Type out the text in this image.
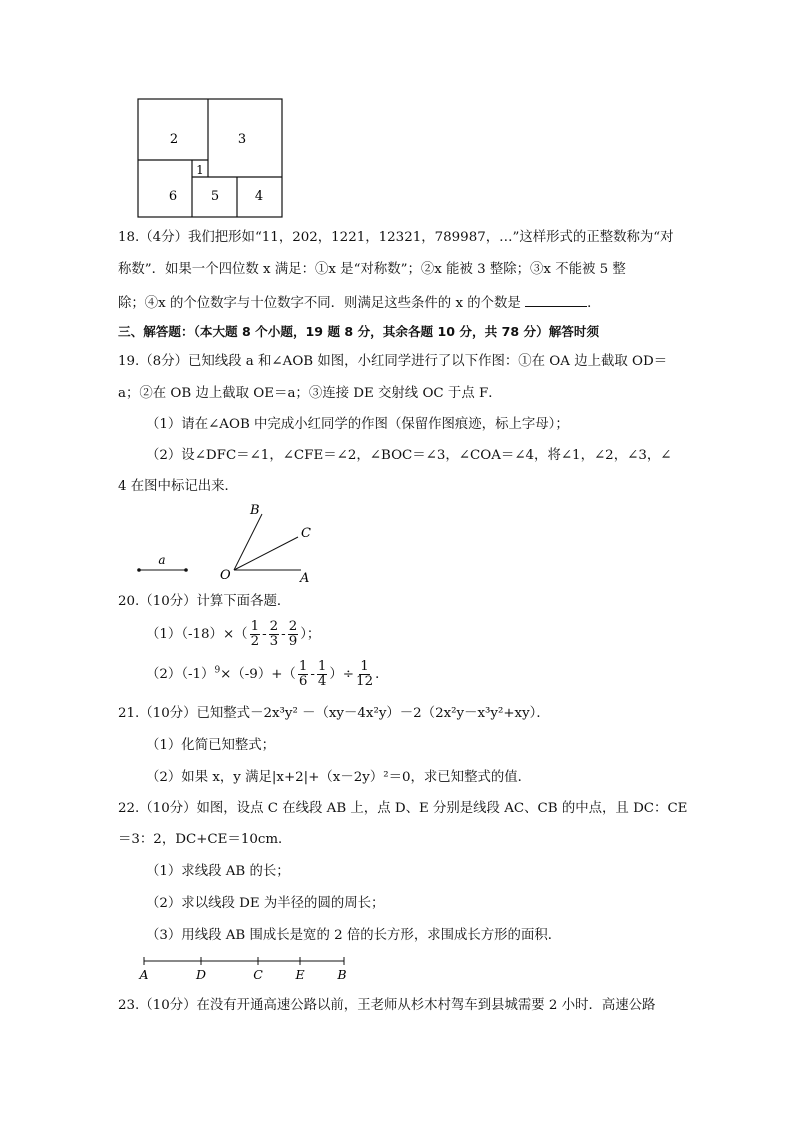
2	3
1
6	5	4
18.（4分）我们把形如“11，202，1221，12321，789987，…”这样形式的正整数称为“对
称数”．如果一个四位数 x 满足：①x 是“对称数”；②x 能被 3 整除；③x 不能被 5 整
除；④x 的个位数字与十位数字不同．则满足这些条件的 x 的个数是	．
三、解答题：（本大题 8 个小题，19 题 8 分，其余各题 10 分，共 78 分）解答时须
19.（8分）已知线段 a 和∠AOB 如图，小红同学进行了以下作图：①在 OA 边上截取 OD＝
a；②在 OB 边上截取 OE＝a；③连接 DE 交射线 OC 于点 F．
（1）请在∠AOB 中完成小红同学的作图（保留作图痕迹，标上字母）；
（2）设∠DFC＝∠1，∠CFE＝∠2，∠BOC＝∠3，∠COA＝∠4，将∠1，∠2，∠3，∠
4 在图中标记出来．
a
B
C
O	A
20.（10分）计算下面各题．
$(1)(-18)\times( \frac{1}{2} - \frac{2}{3} - \frac{2}{9}$ ）；
$(2)(-1)^9\times(-9)+( \frac{1}{6} - \frac{1}{4}$ ）÷ $\frac{1}{12}$ ．
21.（10分）已知整式－2x³y² －（xy－4x²y）－2（2x²y－x³y²+xy）．
（1）化简已知整式；
（2）如果 x，y 满足|x+2|+（x－2y）²＝0，求已知整式的值．
22.（10分）如图，设点 C 在线段 AB 上，点 D、E 分别是线段 AC、CB 的中点，且 DC：CE
＝3：2，DC+CE＝10cm．
（1）求线段 AB 的长；
（2）求以线段 DE 为半径的圆的周长；
（3）用线段 AB 围成长是宽的 2 倍的长方形，求围成长方形的面积．
A	D	C	E	B
23.（10分）在没有开通高速公路以前，王老师从杉木村驾车到县城需要 2 小时．高速公路
